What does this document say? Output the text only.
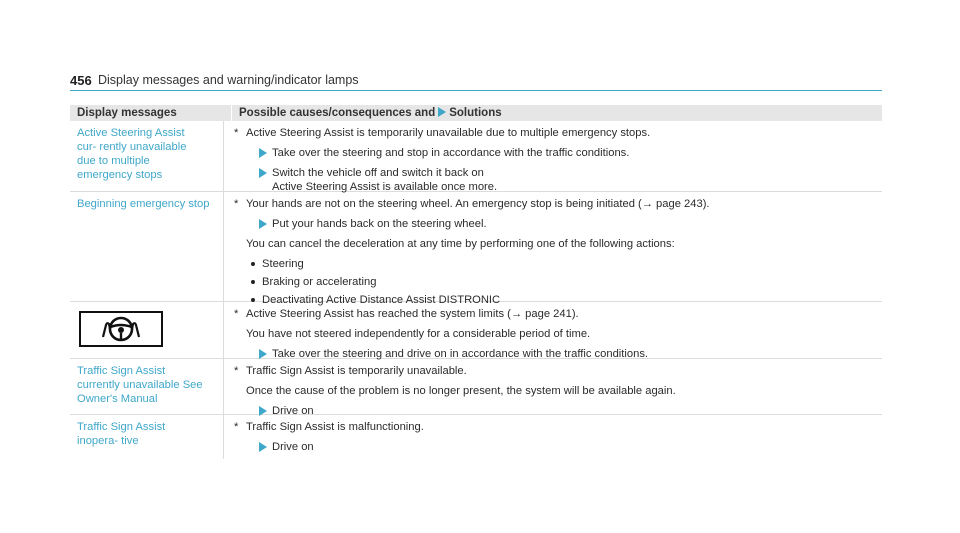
456 Display messages and warning/indicator lamps
Display messages	Possible causes/consequences and Solutions
Active Steering Assist cur- rently unavailable due to multiple emergency stops
* Active Steering Assist is temporarily unavailable due to multiple emergency stops.
Take over the steering and stop in accordance with the traffic conditions.
Switch the vehicle off and switch it back on
Active Steering Assist is available once more.
Beginning emergency stop	* Your hands are not on the steering wheel. An emergency stop is being initiated (→ page 243).
Put your hands back on the steering wheel.
You can cancel the deceleration at any time by performing one of the following actions:
Steering
Braking or accelerating
Deactivating Active Distance Assist DISTRONIC
* Active Steering Assist has reached the system limits (→ page 241).
You have not steered independently for a considerable period of time.
Take over the steering and drive on in accordance with the traffic conditions.
Traffic Sign Assist currently unavailable See Owner's Manual
* Traffic Sign Assist is temporarily unavailable.
Once the cause of the problem is no longer present, the system will be available again.
Drive on
Traffic Sign Assist inopera- tive
* Traffic Sign Assist is malfunctioning.
Drive on
